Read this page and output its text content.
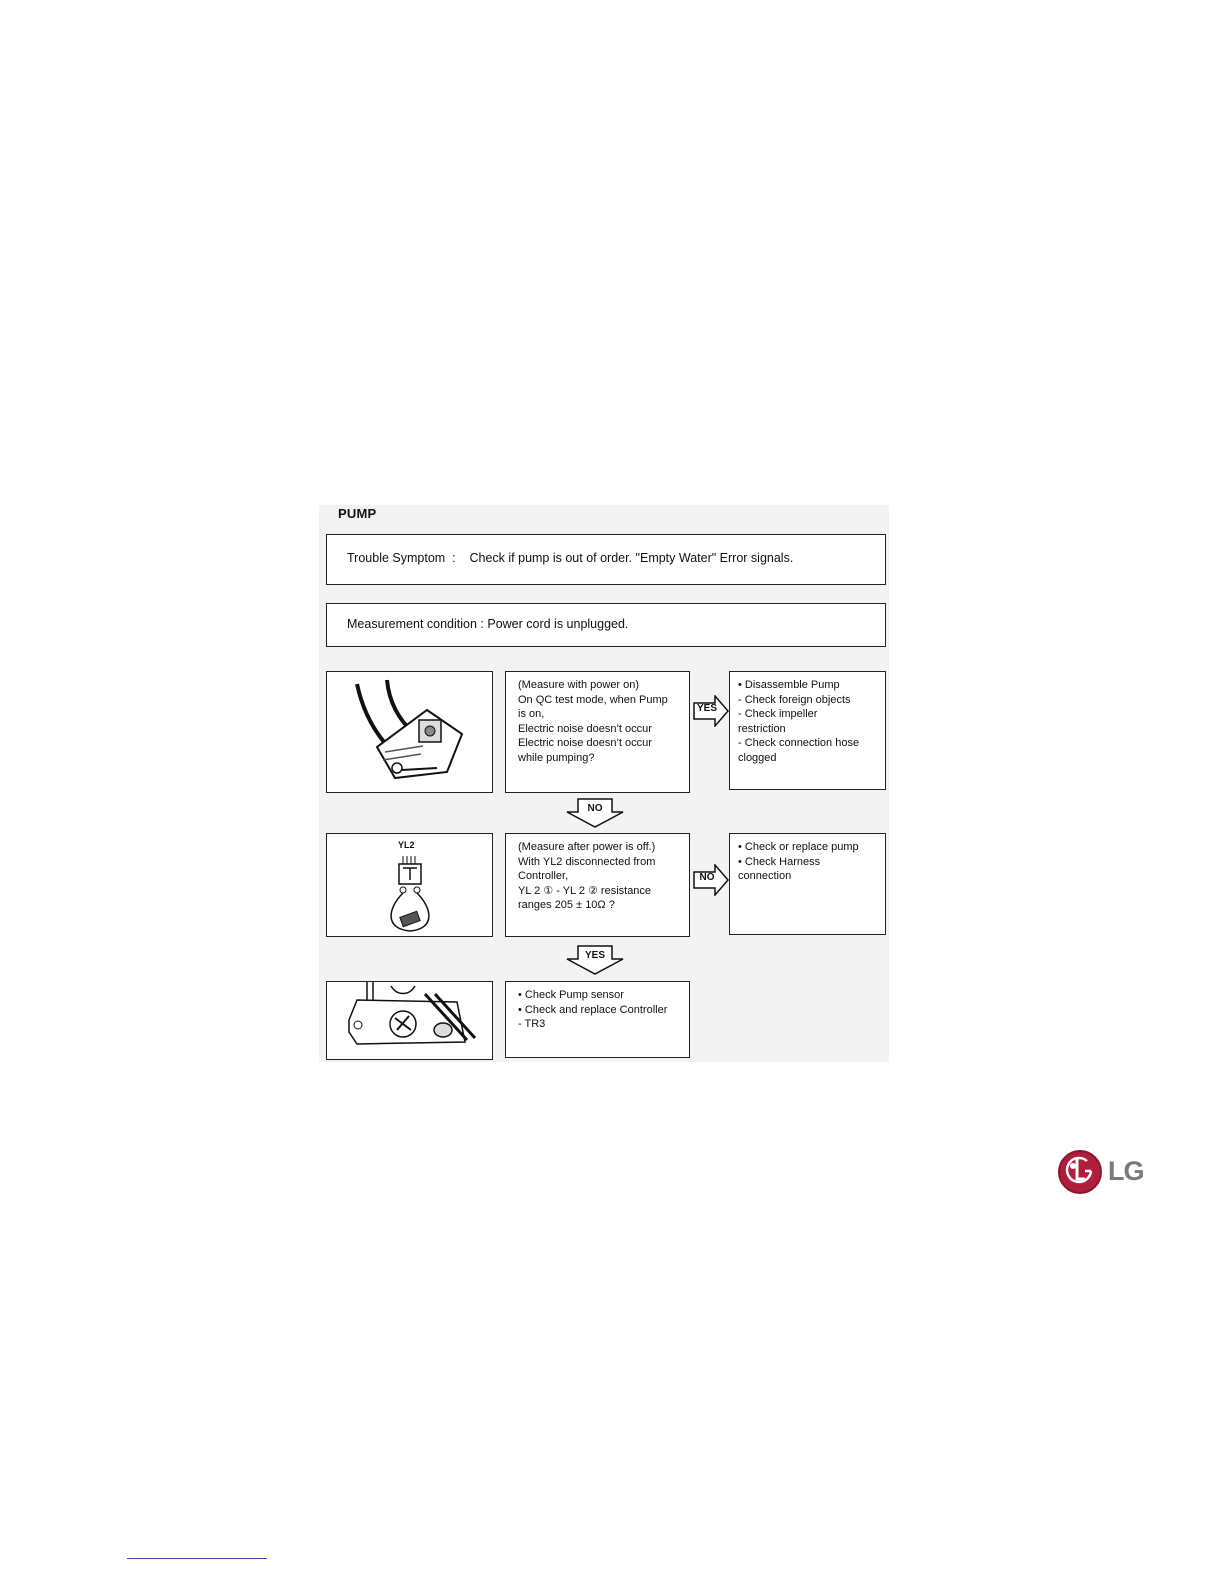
PUMP
Trouble Symptom  :    Check if pump is out of order. "Empty Water" Error signals.
Measurement condition : Power cord is unplugged.
(Measure with power on)
On QC test mode, when Pump
is on,
Electric noise doesn’t occur
Electric noise doesn’t occur
while pumping?
YES
• Disassemble Pump
- Check foreign objects
- Check impeller
restriction
- Check connection hose
clogged
NO
YL2	(Measure after power is off.)
With YL2 disconnected from
Controller,
YL 2 ① - YL 2 ② resistance
ranges 205 ± 10Ω ?
NO
• Check or replace pump
• Check Harness
connection
YES
• Check Pump sensor
• Check and replace Controller
- TR3
LG
